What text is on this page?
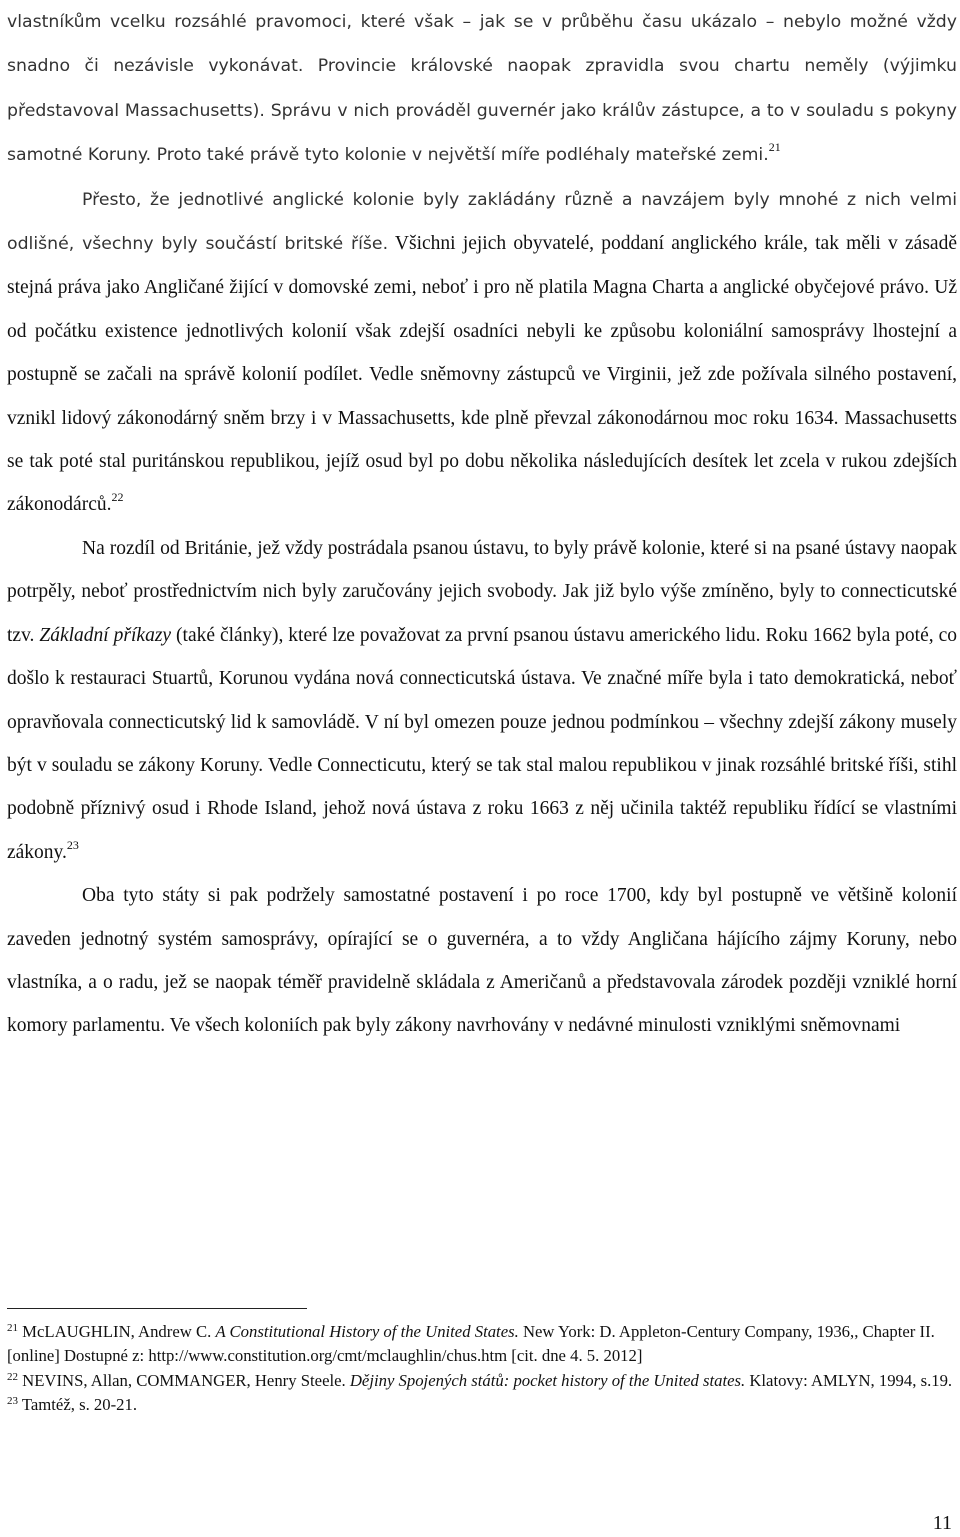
vlastníkům vcelku rozsáhlé pravomoci, které však – jak se v průběhu času ukázalo – nebylo možné vždy snadno či nezávisle vykonávat. Provincie královské naopak zpravidla svou chartu neměly (výjimku představoval Massachusetts). Správu v nich prováděl guvernér jako králův zástupce, a to v souladu s pokyny samotné Koruny. Proto také právě tyto kolonie v největší míře podléhaly mateřské zemi.$^{21}$

Přesto, že jednotlivé anglické kolonie byly zakládány různě a navzájem byly mnohé z nich velmi odlišné, všechny byly součástí britské říše. Všichni jejich obyvatelé, poddaní anglického krále, tak měli v zásadě stejná práva jako Angličané žijící v domovské zemi, neboť i pro ně platila Magna Charta a anglické obyčejové právo. Už od počátku existence jednotlivých kolonií však zdejší osadníci nebyli ke způsobu koloniální samosprávy lhostejní a postupně se začali na správě kolonií podílet. Vedle sněmovny zástupců ve Virginii, jež zde požívala silného postavení, vznikl lidový zákonodárný sněm brzy i v Massachusetts, kde plně převzal zákonodárnou moc roku 1634. Massachusetts se tak poté stal puritánskou republikou, jejíž osud byl po dobu několika následujících desítek let zcela v rukou zdejších zákonodárců.$^{22}$

Na rozdíl od Británie, jež vždy postrádala psanou ústavu, to byly právě kolonie, které si na psané ústavy naopak potrpěly, neboť prostřednictvím nich byly zaručovány jejich svobody. Jak již bylo výše zmíněno, byly to connecticutské tzv. Základní příkazy (také články), které lze považovat za první psanou ústavu amerického lidu. Roku 1662 byla poté, co došlo k restauraci Stuartů, Korunou vydána nová connecticutská ústava. Ve značné míře byla i tato demokratická, neboť opravňovala connecticutský lid k samovládě. V ní byl omezen pouze jednou podmínkou – všechny zdejší zákony musely být v souladu se zákony Koruny. Vedle Connecticutu, který se tak stal malou republikou v jinak rozsáhlé britské říši, stihl podobně příznivý osud i Rhode Island, jehož nová ústava z roku 1663 z něj učinila taktéž republiku řídící se vlastními zákony.$^{23}$

Oba tyto státy si pak podržely samostatné postavení i po roce 1700, kdy byl postupně ve většině kolonií zaveden jednotný systém samosprávy, opírající se o guvernéra, a to vždy Angličana hájícího zájmy Koruny, nebo vlastníka, a o radu, jež se naopak téměř pravidelně skládala z Američanů a představovala zárodek později vzniklé horní komory parlamentu. Ve všech koloniích pak byly zákony navrhovány v nedávné minulosti vzniklými sněmovnami

$^{21}$ McLAUGHLIN, Andrew C. A Constitutional History of the United States. New York: D. Appleton-Century Company, 1936,, Chapter II. [online] Dostupné z: http://www.constitution.org/cmt/mclaughlin/chus.htm [cit. dne 4. 5. 2012]

$^{22}$ NEVINS, Allan, COMMANGER, Henry Steele. Dějiny Spojených států: pocket history of the United states. Klatovy: AMLYN, 1994, s.19.

$^{23}$ Tamtéž, s. 20-21.

11
